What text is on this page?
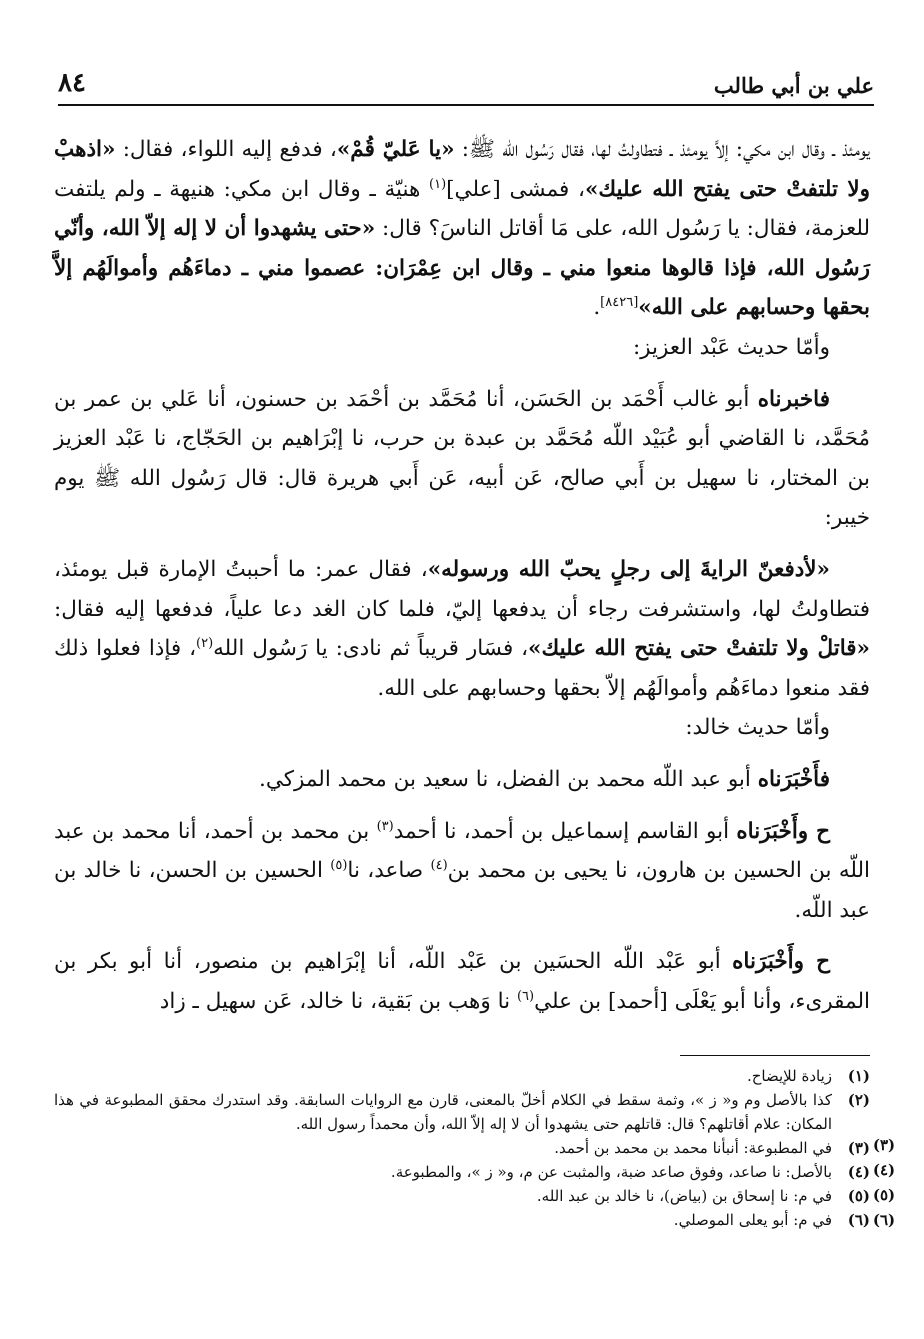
علي بن أبي طالب
٨٤

يومئذ ـ وقال ابن مكي: إلاَّ يومئذ ـ فتطاولتُ لها، فقال رَسُول الله ﷺ: «يا عَليّ قُمْ»، فدفع إليه اللواء، فقال: «اذهبْ ولا تلتفتْ حتى يفتح الله عليك»، فمشى [علي]$^{(١)}$ هنيّة ـ وقال ابن مكي: هنيهة ـ ولم يلتفت للعزمة، فقال: يا رَسُول الله، على مَا أقاتل الناسَ؟ قال: «حتى يشهدوا أن لا إله إلاّ الله، وأنّي رَسُول الله، فإذا قالوها منعوا مني ـ وقال ابن عِمْرَان: عصموا مني ـ دماءَهُم وأموالَهُم إلاَّ بحقها وحسابهم على الله»[٨٤٢٦].

وأمّا حديث عَبْد العزيز:

فاخبرناه أبو غالب أَحْمَد بن الحَسَن، أنا مُحَمَّد بن أحْمَد بن حسنون، أنا عَلي بن عمر بن مُحَمَّد، نا القاضي أبو عُبَيْد اللّه مُحَمَّد بن عبدة بن حرب، نا إبْرَاهيم بن الحَجّاج، نا عَبْد العزيز بن المختار، نا سهيل بن أَبي صالح، عَن أبيه، عَن أَبي هريرة قال: قال رَسُول الله ﷺ يوم خيبر:

«لأدفعنّ الرايةَ إلى رجلٍ يحبّ الله ورسوله»، فقال عمر: ما أحببتُ الإمارة قبل يومئذ، فتطاولتُ لها، واستشرفت رجاء أن يدفعها إليّ، فلما كان الغد دعا علياً، فدفعها إليه فقال: «قاتلْ ولا تلتفتْ حتى يفتح الله عليك»، فسَار قريباً ثم نادى: يا رَسُول الله$^{(٢)}$، فإذا فعلوا ذلك فقد منعوا دماءَهُم وأموالَهُم إلاّ بحقها وحسابهم على الله.

وأمّا حديث خالد:

فأَخْبَرَناه أبو عبد اللّه محمد بن الفضل، نا سعيد بن محمد المزكي.

ح وأَخْبَرَناه أبو القاسم إسماعيل بن أحمد، نا أحمد$^{(٣)}$ بن محمد بن أحمد، أنا محمد بن عبد اللّه بن الحسين بن هارون، نا يحيى بن محمد بن$^{(٤)}$ صاعد، نا$^{(٥)}$ الحسين بن الحسن، نا خالد بن عبد اللّه.

ح وأَخْبَرَناه أبو عَبْد اللّه الحسَين بن عَبْد اللّه، أنا إبْرَاهيم بن منصور، أنا أبو بكر بن المقرىء، وأنا أبو يَعْلَى [أحمد] بن علي$^{(٦)}$ نا وَهب بن بَقية، نا خالد، عَن سهيل ـ زاد

(١)
زيادة للإيضاح.
(٢)
كذا بالأصل وم و« ز »، وثمة سقط في الكلام أخلّ بالمعنى، قارن مع الروايات السابقة. وقد استدرك محقق المطبوعة في هذا المكان: علام أقاتلهم؟ قال: قاتلهم حتى يشهدوا أن لا إله إلاّ الله، وأن محمداً رسول الله.
(٣)
في المطبوعة: أنبأنا محمد بن محمد بن أحمد.
(٤)
بالأصل: نا صاعد، وفوق صاعد ضبة، والمثبت عن م، و« ز »، والمطبوعة.
(٥)
في م: نا إسحاق بن (بياض)، نا خالد بن عبد الله.
(٦)
في م: أبو يعلى الموصلي.
(٣)
(٤)
(٥)
(٦)
